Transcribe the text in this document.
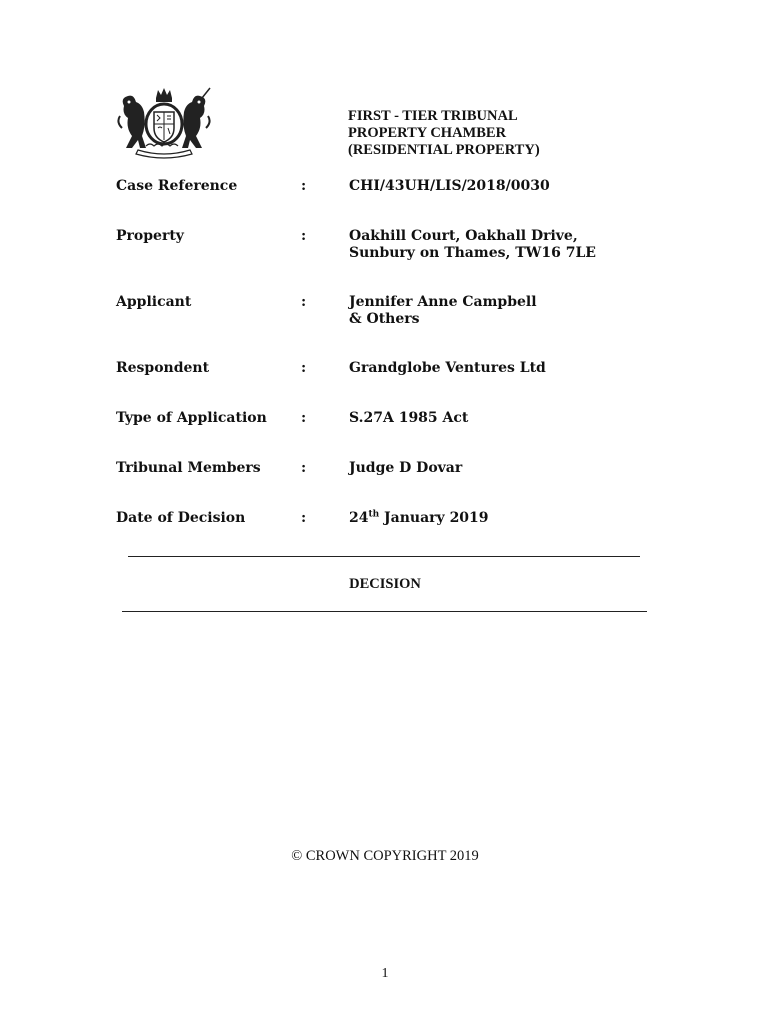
FIRST - TIER TRIBUNAL
PROPERTY CHAMBER
(RESIDENTIAL PROPERTY)
Case Reference	:	CHI/43UH/LIS/2018/0030
Property	:	Oakhill Court, Oakhall Drive,
Sunbury on Thames, TW16 7LE
Applicant	:	Jennifer Anne Campbell
& Others
Respondent	:	Grandglobe Ventures Ltd
Type of Application :	S.27A 1985 Act
Tribunal Members	:	Judge D Dovar
Date of Decision	:	24th January 2019
DECISION
© CROWN COPYRIGHT 2019
1
